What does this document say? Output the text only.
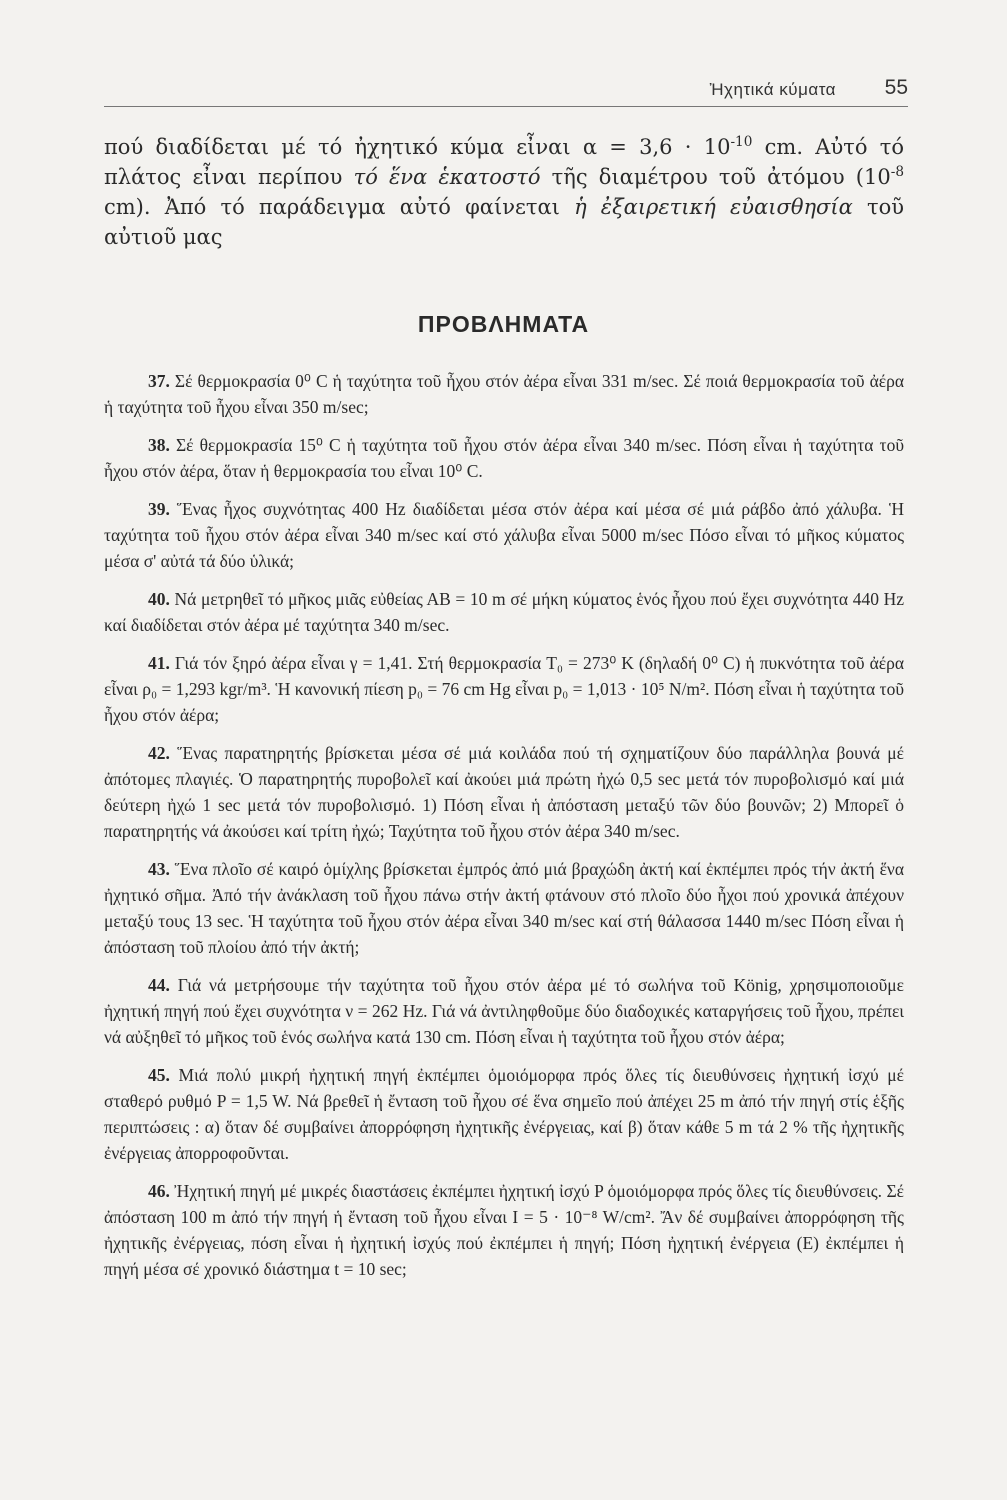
Ἠχητικά κύματα 55

πού διαδίδεται μέ τό ἠχητικό κύμα εἶναι $\alpha = 3,6 \cdot 10^{-10}$ cm. Αὐτό τό πλάτος εἶναι περίπου τό ἕνα ἑκατοστό τῆς διαμέτρου τοῦ ἀτόμου ($10^{-8}$ cm). Ἀπό τό παράδειγμα αὐτό φαίνεται ἡ ἐξαιρετική εὐαισθησία τοῦ αὐτιοῦ μας

ΠΡΟΒΛΗΜΑΤΑ

37. Σέ θερμοκρασία 0⁰ C ἡ ταχύτητα τοῦ ἦχου στόν ἀέρα εἶναι 331 m/sec. Σέ ποιά θερμοκρασία τοῦ ἀέρα ἡ ταχύτητα τοῦ ἦχου εἶναι 350 m/sec;

38. Σέ θερμοκρασία 15⁰ C ἡ ταχύτητα τοῦ ἦχου στόν ἀέρα εἶναι 340 m/sec. Πόση εἶναι ἡ ταχύτητα τοῦ ἦχου στόν ἀέρα, ὅταν ἡ θερμοκρασία του εἶναι 10⁰ C.

39. Ἕνας ἦχος συχνότητας 400 Hz διαδίδεται μέσα στόν ἀέρα καί μέσα σέ μιά ράβδο ἀπό χάλυβα. Ἡ ταχύτητα τοῦ ἦχου στόν ἀέρα εἶναι 340 m/sec καί στό χάλυβα εἶναι 5000 m/sec Πόσο εἶναι τό μῆκος κύματος μέσα σ' αὐτά τά δύο ὑλικά;

40. Νά μετρηθεῖ τό μῆκος μιᾶς εὐθείας ΑΒ = 10 m σέ μήκη κύματος ἑνός ἦχου πού ἔχει συχνότητα 440 Hz καί διαδίδεται στόν ἀέρα μέ ταχύτητα 340 m/sec.

41. Γιά τόν ξηρό ἀέρα εἶναι γ = 1,41. Στή θερμοκρασία T₀ = 273⁰ K (δηλαδή 0⁰ C) ἡ πυκνότητα τοῦ ἀέρα εἶναι ρ₀ = 1,293 kgr/m³. Ἡ κανονική πίεση p₀ = 76 cm Hg εἶναι p₀ = 1,013 · 10⁵ N/m². Πόση εἶναι ἡ ταχύτητα τοῦ ἦχου στόν ἀέρα;

42. Ἕνας παρατηρητής βρίσκεται μέσα σέ μιά κοιλάδα πού τή σχηματίζουν δύο παράλληλα βουνά μέ ἀπότομες πλαγιές. Ὁ παρατηρητής πυροβολεῖ καί ἀκούει μιά πρώτη ἠχώ 0,5 sec μετά τόν πυροβολισμό καί μιά δεύτερη ἠχώ 1 sec μετά τόν πυροβολισμό. 1) Πόση εἶναι ἡ ἀπόσταση μεταξύ τῶν δύο βουνῶν; 2) Μπορεῖ ὁ παρατηρητής νά ἀκούσει καί τρίτη ἠχώ; Ταχύτητα τοῦ ἦχου στόν ἀέρα 340 m/sec.

43. Ἕνα πλοῖο σέ καιρό ὁμίχλης βρίσκεται ἐμπρός ἀπό μιά βραχώδη ἀκτή καί ἐκπέμπει πρός τήν ἀκτή ἕνα ἠχητικό σῆμα. Ἀπό τήν ἀνάκλαση τοῦ ἦχου πάνω στήν ἀκτή φτάνουν στό πλοῖο δύο ἦχοι πού χρονικά ἀπέχουν μεταξύ τους 13 sec. Ἡ ταχύτητα τοῦ ἦχου στόν ἀέρα εἶναι 340 m/sec καί στή θάλασσα 1440 m/sec Πόση εἶναι ἡ ἀπόσταση τοῦ πλοίου ἀπό τήν ἀκτή;

44. Γιά νά μετρήσουμε τήν ταχύτητα τοῦ ἦχου στόν ἀέρα μέ τό σωλήνα τοῦ König, χρησιμοποιοῦμε ἠχητική πηγή πού ἔχει συχνότητα ν = 262 Hz. Γιά νά ἀντιληφθοῦμε δύο διαδοχικές καταργήσεις τοῦ ἦχου, πρέπει νά αὐξηθεῖ τό μῆκος τοῦ ἑνός σωλήνα κατά 130 cm. Πόση εἶναι ἡ ταχύτητα τοῦ ἦχου στόν ἀέρα;

45. Μιά πολύ μικρή ἠχητική πηγή ἐκπέμπει ὁμοιόμορφα πρός ὅλες τίς διευθύνσεις ἠχητική ἰσχύ μέ σταθερό ρυθμό P = 1,5 W. Νά βρεθεῖ ἡ ἔνταση τοῦ ἦχου σέ ἕνα σημεῖο πού ἀπέχει 25 m ἀπό τήν πηγή στίς ἑξῆς περιπτώσεις : α) ὅταν δέ συμβαίνει ἀπορρόφηση ἠχητικῆς ἐνέργειας, καί β) ὅταν κάθε 5 m τά 2 % τῆς ἠχητικῆς ἐνέργειας ἀπορροφοῦνται.

46. Ἠχητική πηγή μέ μικρές διαστάσεις ἐκπέμπει ἠχητική ἰσχύ P ὁμοιόμορφα πρός ὅλες τίς διευθύνσεις. Σέ ἀπόσταση 100 m ἀπό τήν πηγή ἡ ἔνταση τοῦ ἦχου εἶναι I = 5 · 10⁻⁸ W/cm². Ἄν δέ συμβαίνει ἀπορρόφηση τῆς ἠχητικῆς ἐνέργειας, πόση εἶναι ἡ ἠχητική ἰσχύς πού ἐκπέμπει ἡ πηγή; Πόση ἠχητική ἐνέργεια (E) ἐκπέμπει ἡ πηγή μέσα σέ χρονικό διάστημα t = 10 sec;
